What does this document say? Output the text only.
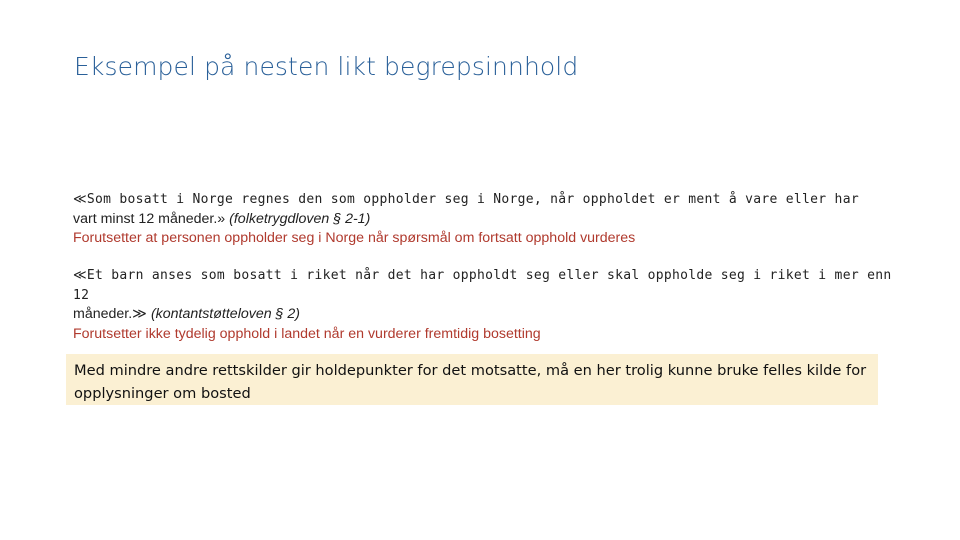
Eksempel på nesten likt begrepsinnhold
≪Som bosatt i Norge regnes den som oppholder seg i Norge, når oppholdet er ment å vare eller har
vart minst 12 måneder.» (folketrygdloven § 2-1)
Forutsetter at personen oppholder seg i Norge når spørsmål om fortsatt opphold vurderes
≪Et barn anses som bosatt i riket når det har oppholdt seg eller skal oppholde seg i riket i mer enn 12
måneder.≫ (kontantstøtteloven § 2)
Forutsetter ikke tydelig opphold i landet når en vurderer fremtidig bosetting
Med mindre andre rettskilder gir holdepunkter for det motsatte, må en her trolig kunne bruke felles kilde for opplysninger om bosted
